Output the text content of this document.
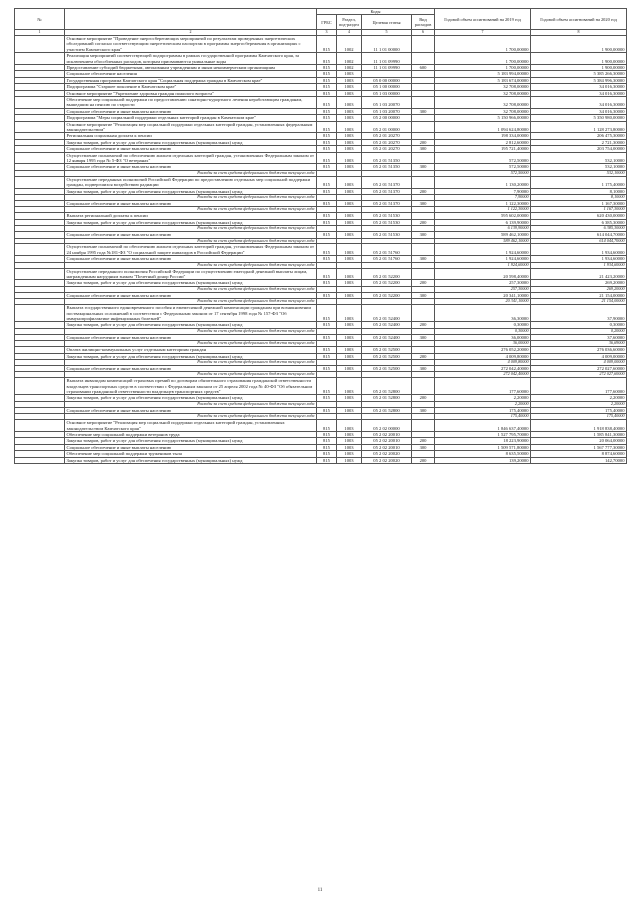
№		Коды				Годовой объем ассигнований на 2019 год	Годовой объем ассигнований на 2020 год
		ГРБС	Раздел, под-раздел	Целевая статья	Вид расходов		
1	2	3	4	5	6	7	8
	Основное мероприятие "Проведение энергосберегающих мероприятий по результатам проведенных энергетических обследований согласно соответствующим энергетическим паспортам в программы энергосбережения в организациях с участием Камчатского края"	815	1002	11 1 01 00000		1 700,00000	1 900,00000
	Реализация мероприятий соответствующей подпрограммы в рамках государственной программы Камчатского края, за исключением обособленных расходов, которым присваиваются уникальные коды	815	1002	11 1 01 09990		1 700,00000	1 900,00000
	Предоставление субсидий бюджетным, автономным учреждениям и иным некоммерческим организациям	815	1002	11 1 01 09990	600	1 700,00000	1 900,00000
	Социальное обеспечение населения	815	1003			5 183 994,00000	5 385 266,30000
	Государственная программа Камчатского края "Социальная поддержка граждан в Камчатском крае"	815	1003	05 0 00 00000		5 183 674,00000	5 384 996,30000
	Подпрограмма "Старшее поколение в Камчатском крае"	815	1003	05 1 00 00000		32 708,00000	34 016,30000
	Основное мероприятие "Укрепление здоровья граждан пожилого возраста"	815	1003	05 1 03 00000		32 708,00000	34 016,30000
	Обеспечение мер социальной поддержки по предоставлению санаторно-курортного лечения неработающим гражданам, вышедшим на пенсию по старости	815	1003	05 1 03 20070		32 708,00000	34 016,30000
	Социальное обеспечение и иные выплаты населению	815	1003	05 1 03 20070	300	32 708,00000	34 016,30000
	Подпрограмма "Меры социальной поддержки отдельных категорий граждан в Камчатском крае"	815	1003	05 2 00 00000		5 150 966,00000	5 350 980,00000
	Основное мероприятие "Реализация мер социальной поддержки отдельных категорий граждан, установленных федеральным законодательством"	815	1003	05 2 01 00000		1 094 624,80000	1 128 273,80000
	Региональная социальная доплата к пенсии	815	1003	05 2 01 20270		198 334,00000	206 475,30000
	Закупка товаров, работ и услуг для обеспечения государственных (муниципальных) нужд	815	1003	05 2 01 20270	200	2 812,60000	2 721,30000
	Социальное обеспечение и иные выплаты населению	815	1003	05 2 01 20270	300	195 721,40000	203 754,00000
	Осуществление полномочий по обеспечению жильем отдельных категорий граждан, установленных Федеральным законом от 12 января 1995 года № 5-ФЗ "О ветеранах"	815	1003	05 2 01 51350		572,50000	532,10000
	Социальное обеспечение и иные выплаты населению	815	1003	05 2 01 51350	300	572,50000	532,10000
	Расходы за счет средств федерального бюджета текущего года					572,50000	532,10000
	Осуществление переданных полномочий Российской Федерации по предоставлению отдельных мер социальной поддержки граждан, подвергшихся воздействию радиации	815	1003	05 2 01 51370		1 130,20000	1 175,40000
	Закупка товаров, работ и услуг для обеспечения государственных (муниципальных) нужд	815	1003	05 2 01 51370	200	7,90000	8,10000
	Расходы за счет средств федерального бюджета текущего года					7,90000	8,10000
	Социальное обеспечение и иные выплаты населению	815	1003	05 2 01 51370	300	1 122,30000	1 167,30000
	Расходы за счет средств федерального бюджета текущего года					1 122,30000	1 167,30000
	Выплата региональной доплаты к пенсии	815	1003	05 2 01 51530		595 602,00000	620 430,00000
	Закупка товаров, работ и услуг для обеспечения государственных (муниципальных) нужд	815	1003	05 2 01 51530	200	6 139,90000	6 385,30000
	Расходы за счет средств федерального бюджета текущего года					6 139,90000	6 385,30000
	Социальное обеспечение и иные выплаты населению	815	1003	05 2 01 51530	300	589 462,10000	614 044,70000
	Расходы за счет средств федерального бюджета текущего года					589 462,10000	614 044,70000
	Осуществление полномочий по обеспечению жильем отдельных категорий граждан, установленных Федеральным законом от 24 ноября 1995 года №181-ФЗ "О социальной защите инвалидов в Российской Федерации"	815	1003	05 2 01 51760		1 924,60000	1 934,60000
	Социальное обеспечение и иные выплаты населению	815	1003	05 2 01 51760	300	1 924,60000	1 934,60000
	Расходы за счет средств федерального бюджета текущего года					1 924,60000	1 934,60000
	Осуществление переданного полномочия Российской Федерации по осуществлению ежегодной денежной выплаты лицам, награжденным нагрудным знаком "Почетный донор России"	815	1003	05 2 01 52200		20 598,40000	21 423,20000
	Закупка товаров, работ и услуг для обеспечения государственных (муниципальных) нужд	815	1003	05 2 01 52200	200	257,30000	269,20000
	Расходы за счет средств федерального бюджета текущего года					257,30000	269,20000
	Социальное обеспечение и иные выплаты населению	815	1003	05 2 01 52200	300	20 341,10000	21 154,00000
	Расходы за счет средств федерального бюджета текущего года					20 341,10000	21 154,00000
	Выплата государственного единовременного пособия и ежемесячной денежной компенсации гражданам при возникновении поствакцинальных осложнений в соответствии с Федеральным законом от 17 сентября 1998 года № 157-ФЗ "Об иммунопрофилактике инфекционных болезней"	815	1003	05 2 01 52400		36,30000	37,90000
	Закупка товаров, работ и услуг для обеспечения государственных (муниципальных) нужд	815	1003	05 2 01 52400	200	0,30000	0,30000
	Расходы за счет средств федерального бюджета текущего года					0,30000	0,20000
	Социальное обеспечение и иные выплаты населению	815	1003	05 2 01 52400	300	36,00000	37,60000
	Расходы за счет средств федерального бюджета текущего года					36,00000	36,69000
	Оплата жилищно-коммунальных услуг отдельным категориям граждан	815	1003	05 2 01 52500		276 052,20000	276 036,60000
	Закупка товаров, работ и услуг для обеспечения государственных (муниципальных) нужд	815	1003	05 2 01 52500	200	4 009,80000	4 009,00000
	Расходы за счет средств федерального бюджета текущего года					4 009,80000	4 009,00000
	Социальное обеспечение и иные выплаты населению	815	1003	05 2 01 52500	300	272 042,40000	272 027,60000
	Расходы за счет средств федерального бюджета текущего года					272 042,40000	272 027,60000
	Выплата инвалидам компенсаций страховых премий по договорам обязательного страхования гражданской ответственности владельцев транспортных средств в соответствии с Федеральным законом от 25 апреля 2002 года № 40-ФЗ "Об обязательном страховании гражданской ответственности владельцев транспортных средств"	815	1003	05 2 01 52800		177,60000	177,60000
	Закупка товаров, работ и услуг для обеспечения государственных (муниципальных) нужд	815	1003	05 2 01 52800	200	2,20000	2,20000
	Расходы за счет средств федерального бюджета текущего года					2,20000	2,20000
	Социальное обеспечение и иные выплаты населению	815	1003	05 2 01 52800	300	175,40000	175,40000
	Расходы за счет средств федерального бюджета текущего года					175,40000	175,40000
	Основное мероприятие "Реализация мер социальной поддержки отдельных категорий граждан, установленных законодательством Камчатского края"	815	1003	05 2 02 00000		1 846 637,40000	1 918 838,40000
	Обеспечение мер социальной поддержки ветеранов труда	815	1003	05 2 02 20010		1 527 795,70000	1 585 841,30000
	Закупка товаров, работ и услуг для обеспечения государственных (муниципальных) нужд	815	1003	05 2 02 20010	200	18 223,90000	20 064,00000
	Социальное обеспечение и иные выплаты населению	815	1003	05 2 02 20010	300	1 509 571,80000	1 567 777,30000
	Обеспечение мер социальной поддержки тружеников тыла	815	1003	05 2 02 20020		8 635,50000	8 874,60000
	Закупка товаров, работ и услуг для обеспечения государственных (муниципальных) нужд	815	1003	05 2 02 20020	200	139,20000	142,70000
11
